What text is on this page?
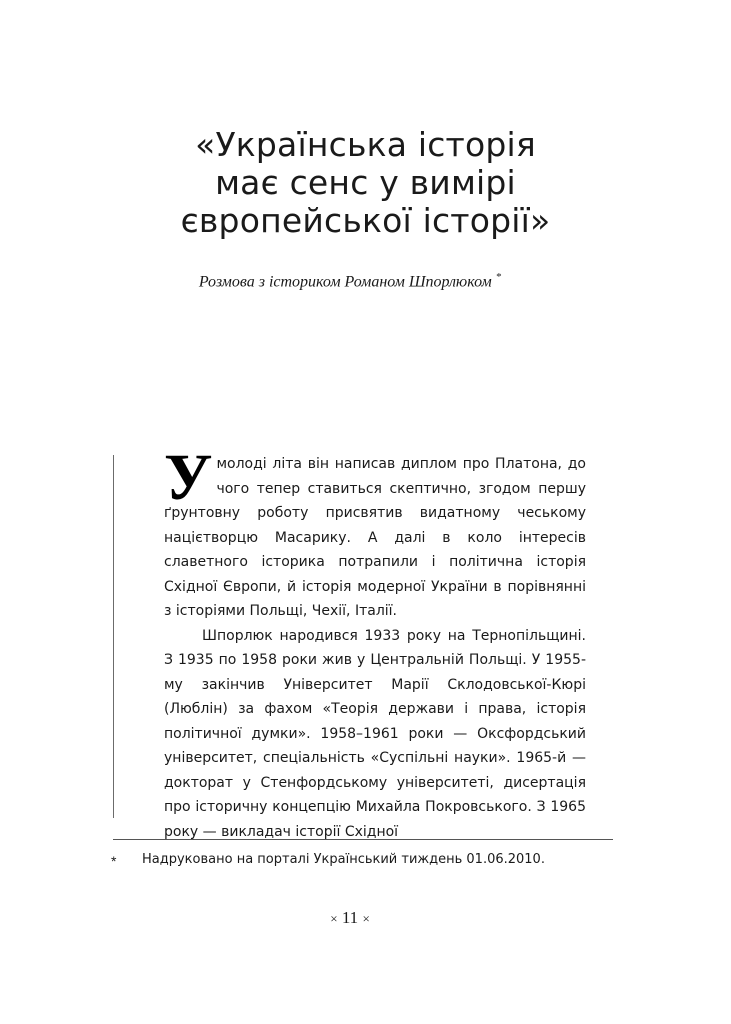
«Українська історія
має сенс у вимірі
європейської історії»
Розмова з істориком Романом Шпорлюком *

Умолоді літа він написав диплом про Платона, до чого тепер ставиться скептично, згодом першу ґрунтовну роботу присвятив видатному чеському націєтворцю Масарику. А далі в коло інтересів славетного історика потрапили і політична історія Східної Європи, й історія модерної України в порівнянні з історіями Польщі, Чехії, Італії.

Шпорлюк народився 1933 року на Тернопільщині. З 1935 по 1958 роки жив у Центральній Польщі. У 1955-му закінчив Університет Марії Склодовської-Кюрі (Люблін) за фахом «Теорія держави і права, історія політичної думки». 1958–1961 роки — Оксфордський університет, спеціальність «Суспільні науки». 1965-й — докторат у Стенфордському університеті, дисертація про історичну концепцію Михайла Покровського. З 1965 року — викладач історії Східної

* Надруковано на порталі Український тиждень 01.06.2010.
× 11 ×
